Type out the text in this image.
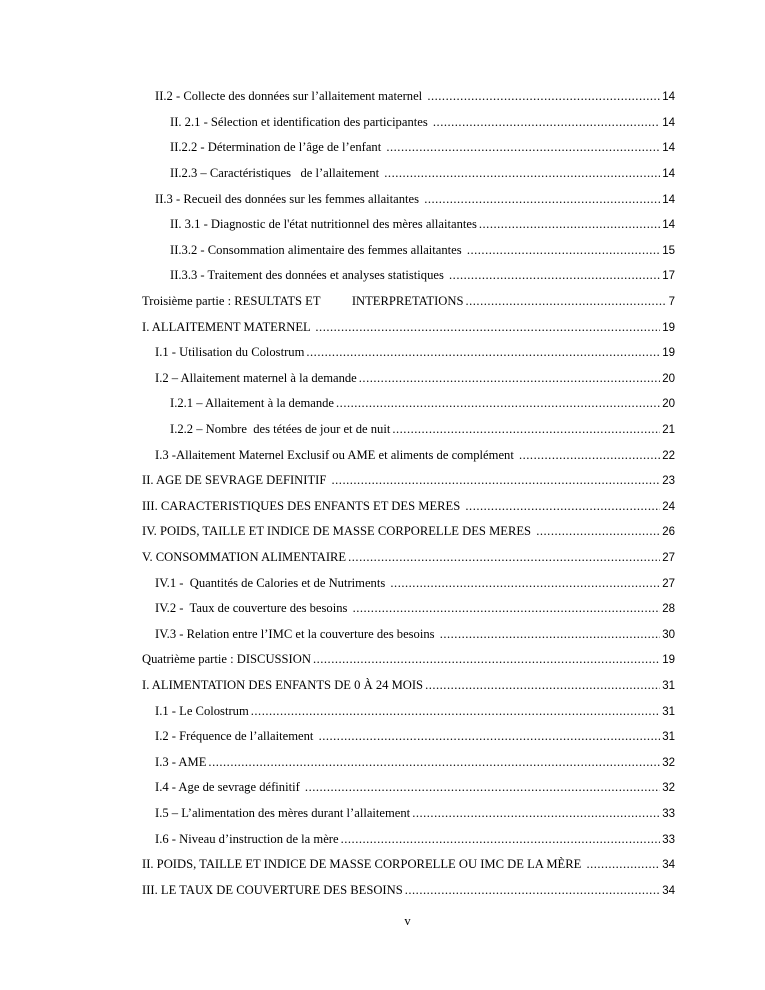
II.2 - Collecte des données sur l’allaitement maternel .....	14
II. 2.1 - Sélection et identification des participantes .....	14
II.2.2 - Détermination de l’âge de l’enfant .....	14
II.2.3 – Caractéristiques   de l’allaitement .....	14
II.3 - Recueil des données sur les femmes allaitantes .....	14
II. 3.1 - Diagnostic de l'état nutritionnel des mères allaitantes .....	14
II.3.2 - Consommation alimentaire des femmes allaitantes .....	15
II.3.3 - Traitement des données et analyses statistiques .....	17
Troisième partie : RESULTATS ET          INTERPRETATIONS .....	7
I. ALLAITEMENT MATERNEL .....	19
I.1 - Utilisation du Colostrum .....	19
I.2 – Allaitement maternel à la demande .....	20
I.2.1 – Allaitement à la demande .....	20
I.2.2 – Nombre  des tétées de jour et de nuit .....	21
I.3 -Allaitement Maternel Exclusif ou AME et aliments de complément .....	22
II. AGE DE SEVRAGE DEFINITIF .....	23
III. CARACTERISTIQUES DES ENFANTS ET DES MERES .....	24
IV. POIDS, TAILLE ET INDICE DE MASSE CORPORELLE DES MERES .....	26
V. CONSOMMATION ALIMENTAIRE .....	27
IV.1 -  Quantités de Calories et de Nutriments .....	27
IV.2 -  Taux de couverture des besoins .....	28
IV.3 - Relation entre l’IMC et la couverture des besoins .....	30
Quatrième partie : DISCUSSION .....	19
I. ALIMENTATION DES ENFANTS DE 0 À 24 MOIS .....	31
I.1 - Le Colostrum .....	31
I.2 - Fréquence de l’allaitement .....	31
I.3 - AME .....	32
I.4 - Age de sevrage définitif .....	32
I.5 – L’alimentation des mères durant l’allaitement .....	33
I.6 - Niveau d’instruction de la mère .....	33
II. POIDS, TAILLE ET INDICE DE MASSE CORPORELLE OU IMC DE LA MÈRE .....	34
III. LE TAUX DE COUVERTURE DES BESOINS .....	34
v
